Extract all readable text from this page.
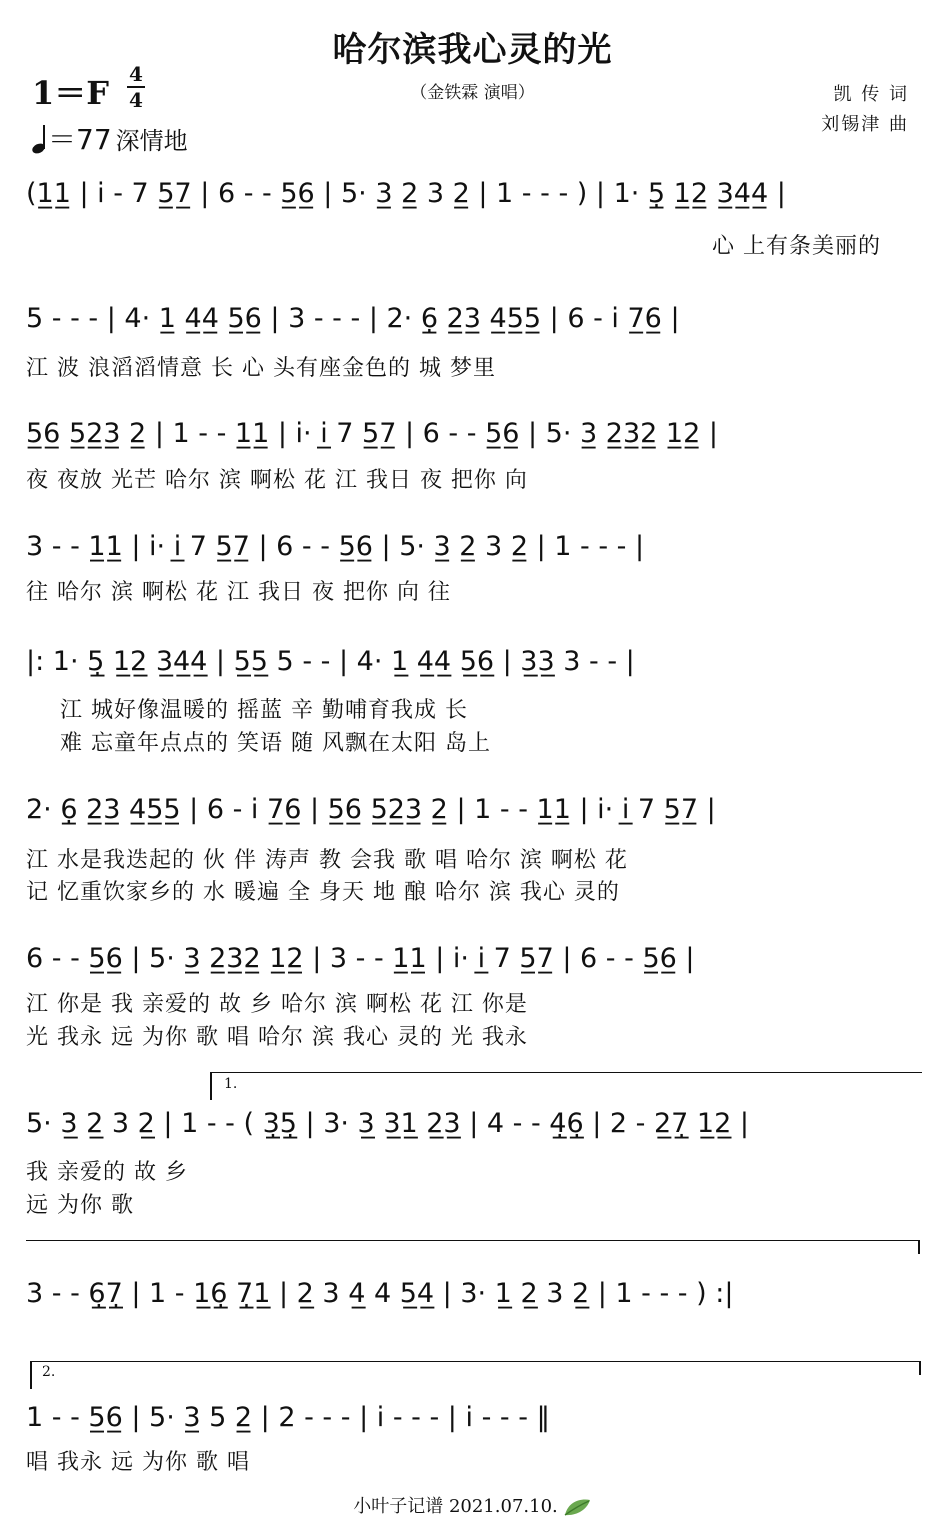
哈尔滨我心灵的光
（金铁霖 演唱）
1＝F 4
4
＝77 深情地
凯 传 词
刘锡津 曲
(1̲1̲ | i̇ - 7 5̲7̲ | 6 - - 5̲6̲ | 5· 3̲ 2̲ 3 2̲ | 1 - - - ) | 1· 5̣̲ 1̲2̲ 3̲4̲4̲ |
心 上有条美丽的
5 - - - | 4· 1̲ 4̲4̲ 5̲6̲ | 3 - - - | 2· 6̣̲ 2̲3̲ 4̲5̲5̲ | 6 - i̇ 7̲6̲ |
江 波 浪滔滔情意 长 心 头有座金色的 城 梦里
5̲6̲ 5̲2̲3̲ 2̲ | 1 - - 1̲1̲ | i̇· i̲̇ 7 5̲7̲ | 6 - - 5̲6̲ | 5· 3̲ 2̲3̲2̲ 1̲2̲ |
夜 夜放 光芒 哈尔 滨 啊松 花 江 我日 夜 把你 向
3 - - 1̲1̲ | i̇· i̲̇ 7 5̲7̲ | 6 - - 5̲6̲ | 5· 3̲ 2̲ 3 2̲ | 1 - - - |
往 哈尔 滨 啊松 花 江 我日 夜 把你 向 往
|: 1· 5̣̲ 1̲2̲ 3̲4̲4̲ | 5̲5̲ 5 - - | 4· 1̲ 4̲4̲ 5̲6̲ | 3̲3̲ 3 - - |
江 城好像温暖的 摇蓝 辛 勤哺育我成 长
难 忘童年点点的 笑语 随 风飘在太阳 岛上
2· 6̣̲ 2̲3̲ 4̲5̲5̲ | 6 - i̇ 7̲6̲ | 5̲6̲ 5̲2̲3̲ 2̲ | 1 - - 1̲1̲ | i̇· i̲̇ 7 5̲7̲ |
江 水是我迭起的 伙 伴 涛声 教 会我 歌 唱 哈尔 滨 啊松 花
记 忆重饮家乡的 水 暖遍 全 身天 地 酿 哈尔 滨 我心 灵的
6 - - 5̲6̲ | 5· 3̲ 2̲3̲2̲ 1̲2̲ | 3 - - 1̲1̲ | i̇· i̲̇ 7 5̲7̲ | 6 - - 5̲6̲ |
江 你是 我 亲爱的 故 乡 哈尔 滨 啊松 花 江 你是
光 我永 远 为你 歌 唱 哈尔 滨 我心 灵的 光 我永
1.
5· 3̲ 2̲ 3 2̲ | 1 - - ( 3̲̣5̲̣ | 3· 3̲ 3̲1̲ 2̲3̲ | 4 - - 4̲̣6̲̣ | 2 - 2̲7̲̣ 1̲2̲ |
我 亲爱的 故 乡
远 为你 歌
3 - - 6̲̣7̲̣ | 1 - 1̲6̲̣ 7̲̣1̲ | 2̲ 3 4̲ 4 5̲4̲ | 3· 1̲ 2̲ 3 2̲ | 1 - - - ) :|
2.
1 - - 5̲6̲ | 5· 3̲ 5 2̲ | 2 - - - | i̇ - - - | i̇ - - - ‖
唱 我永 远 为你 歌 唱
小叶子记谱 2021.07.10.
